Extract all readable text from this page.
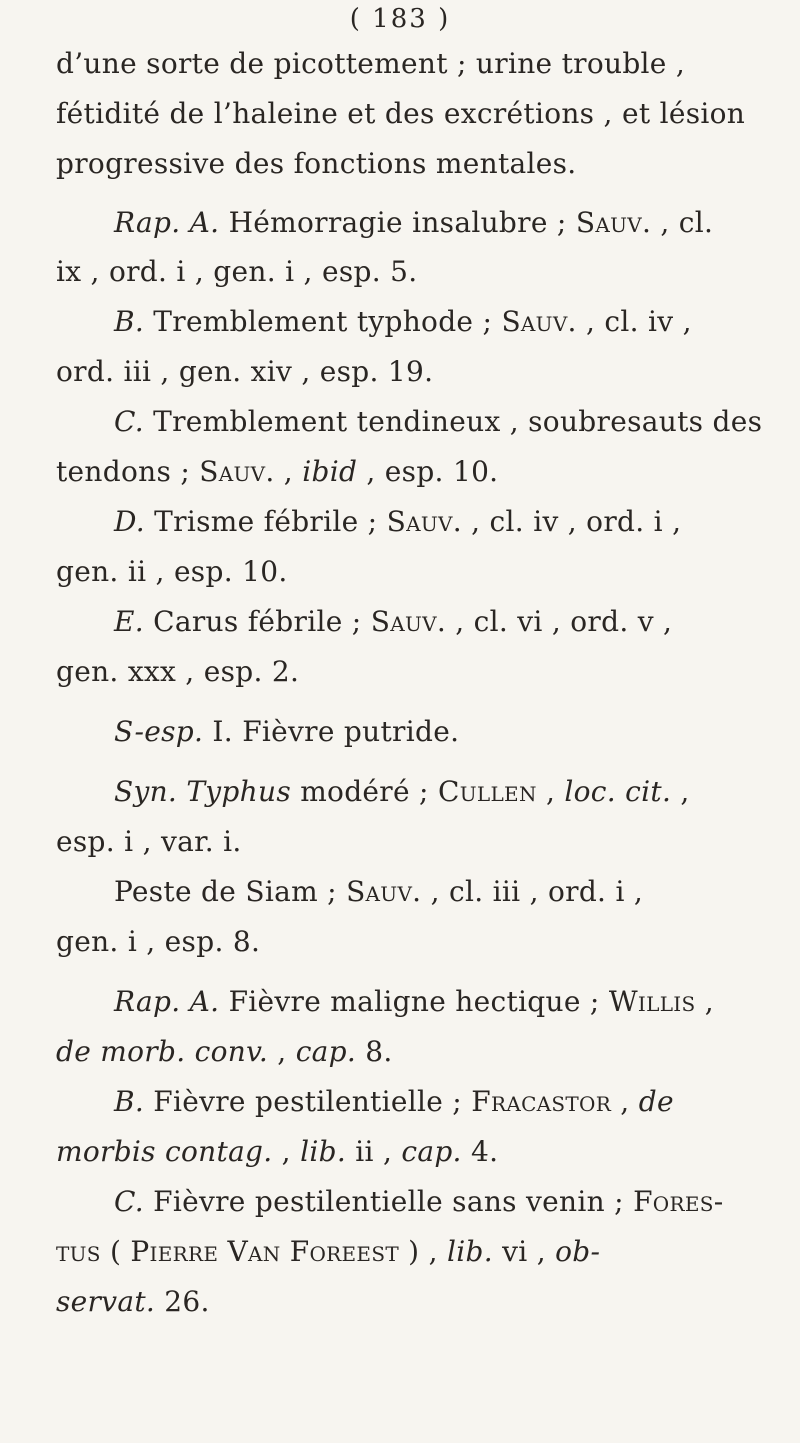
( 183 )
d’une sorte de picottement ; urine trouble ,
fétidité de l’haleine et des excrétions , et lésion
progressive des fonctions mentales.
Rap. A. Hémorragie insalubre ; Sauv. , cl.
ix , ord. i , gen. i , esp. 5.
B. Tremblement typhode ; Sauv. , cl. iv ,
ord. iii , gen. xiv , esp. 19.
C. Tremblement tendineux , soubresauts des
tendons ; Sauv. , ibid , esp. 10.
D. Trisme fébrile ; Sauv. , cl. iv , ord. i ,
gen. ii , esp. 10.
E. Carus fébrile ; Sauv. , cl. vi , ord. v ,
gen. xxx , esp. 2.
S-esp. I. Fièvre putride.
Syn. Typhus modéré ; Cullen , loc. cit. ,
esp. i , var. i.
Peste de Siam ; Sauv. , cl. iii , ord. i ,
gen. i , esp. 8.
Rap. A. Fièvre maligne hectique ; Willis ,
de morb. conv. , cap. 8.
B. Fièvre pestilentielle ; Fracastor , de
morbis contag. , lib. ii , cap. 4.
C. Fièvre pestilentielle sans venin ; Fores-
tus ( Pierre Van Foreest ) , lib. vi , ob-
servat. 26.
